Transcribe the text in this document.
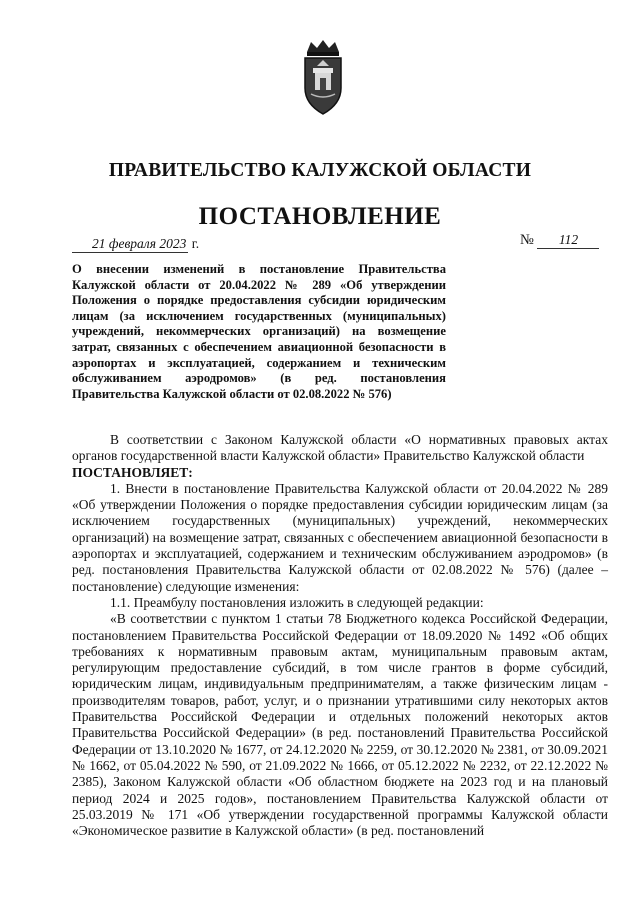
ПРАВИТЕЛЬСТВО КАЛУЖСКОЙ ОБЛАСТИ
ПОСТАНОВЛЕНИЕ
21 февраля 2023 г.	№ 112
О внесении изменений в постановление Правительства Калужской области от 20.04.2022 № 289 «Об утверждении Положения о порядке предоставления субсидии юридическим лицам (за исключением государственных (муниципальных) учреждений, некоммерческих организаций) на возмещение затрат, связанных с обеспечением авиационной безопасности в аэропортах и эксплуатацией, содержанием и техническим обслуживанием аэродромов» (в ред. постановления Правительства Калужской области от 02.08.2022 № 576)

В соответствии с Законом Калужской области «О нормативных правовых актах органов государственной власти Калужской области» Правительство Калужской области

ПОСТАНОВЛЯЕТ:

1. Внести в постановление Правительства Калужской области от 20.04.2022 № 289 «Об утверждении Положения о порядке предоставления субсидии юридическим лицам (за исключением государственных (муниципальных) учреждений, некоммерческих организаций) на возмещение затрат, связанных с обеспечением авиационной безопасности в аэропортах и эксплуатацией, содержанием и техническим обслуживанием аэродромов» (в ред. постановления Правительства Калужской области от 02.08.2022 № 576) (далее – постановление) следующие изменения:

1.1. Преамбулу постановления изложить в следующей редакции:

«В соответствии с пунктом 1 статьи 78 Бюджетного кодекса Российской Федерации, постановлением Правительства Российской Федерации от 18.09.2020 № 1492 «Об общих требованиях к нормативным правовым актам, муниципальным правовым актам, регулирующим предоставление субсидий, в том числе грантов в форме субсидий, юридическим лицам, индивидуальным предпринимателям, а также физическим лицам - производителям товаров, работ, услуг, и о признании утратившими силу некоторых актов Правительства Российской Федерации и отдельных положений некоторых актов Правительства Российской Федерации» (в ред. постановлений Правительства Российской Федерации от 13.10.2020 № 1677, от 24.12.2020 № 2259, от 30.12.2020 № 2381, от 30.09.2021 № 1662, от 05.04.2022 № 590, от 21.09.2022 № 1666, от 05.12.2022 № 2232, от 22.12.2022 № 2385), Законом Калужской области «Об областном бюджете на 2023 год и на плановый период 2024 и 2025 годов», постановлением Правительства Калужской области от 25.03.2019 № 171 «Об утверждении государственной программы Калужской области «Экономическое развитие в Калужской области» (в ред. постановлений
